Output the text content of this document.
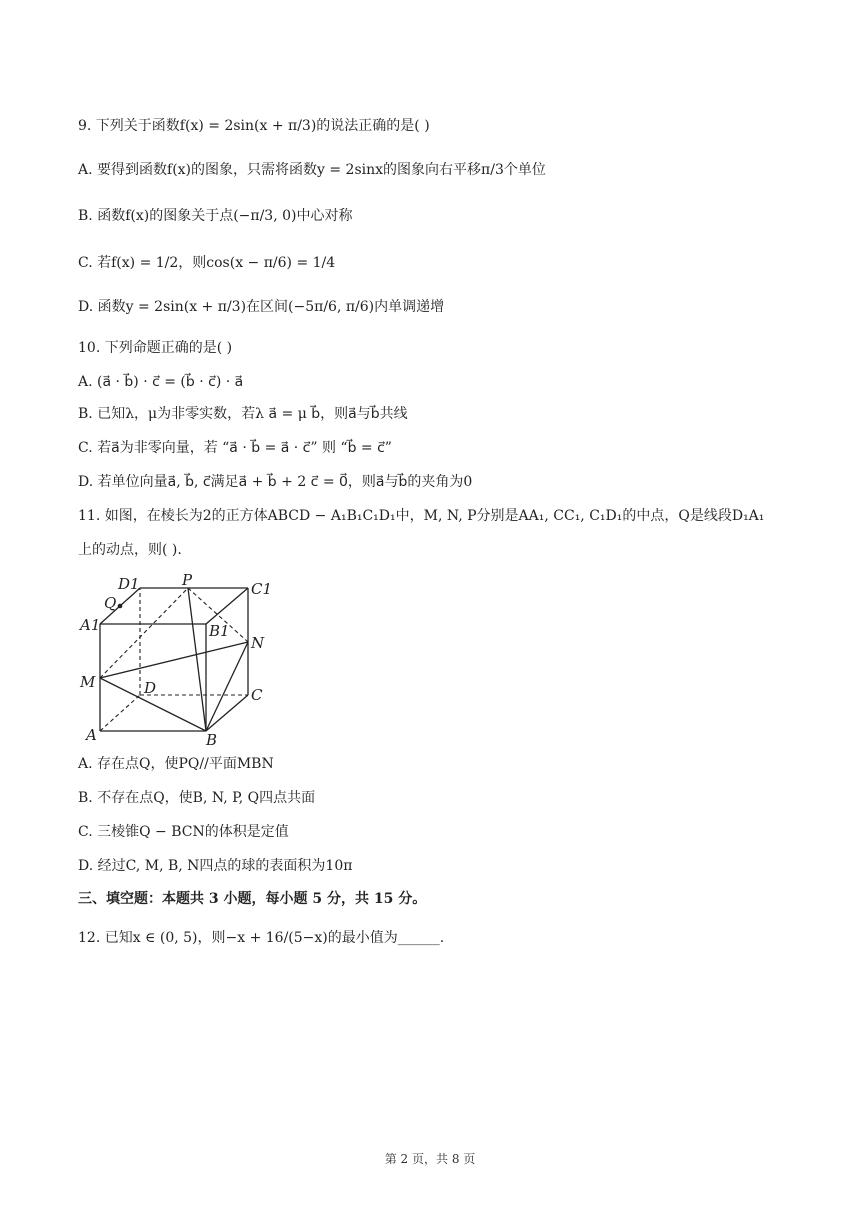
9. 下列关于函数f(x) = 2sin(x + π/3)的说法正确的是( )
A. 要得到函数f(x)的图象，只需将函数y = 2sinx的图象向右平移π/3个单位
B. 函数f(x)的图象关于点(−π/3, 0)中心对称
C. 若f(x) = 1/2，则cos(x − π/6) = 1/4
D. 函数y = 2sin(x + π/3)在区间(−5π/6, π/6)内单调递增
10. 下列命题正确的是( )
A. (a⃗ · b⃗) · c⃗ = (b⃗ · c⃗) · a⃗
B. 已知λ，μ为非零实数，若λ a⃗ = μ b⃗，则a⃗与b⃗共线
C. 若a⃗为非零向量，若 “a⃗ · b⃗ = a⃗ · c⃗” 则 “b⃗ = c⃗”
D. 若单位向量a⃗, b⃗, c⃗满足a⃗ + b⃗ + 2 c⃗ = 0⃗，则a⃗与b⃗的夹角为0
11. 如图，在棱长为2的正方体ABCD − A₁B₁C₁D₁中，M, N, P分别是AA₁, CC₁, C₁D₁的中点，Q是线段D₁A₁
上的动点，则( ).
D1	P	C1
Q
A1	B1
N
M	D	C
A	B
A. 存在点Q，使PQ//平面MBN
B. 不存在点Q，使B, N, P, Q四点共面
C. 三棱锥Q − BCN的体积是定值
D. 经过C, M, B, N四点的球的表面积为10π
三、填空题：本题共 3 小题，每小题 5 分，共 15 分。
12. 已知x ∈ (0, 5)，则−x + 16/(5−x)的最小值为______.
第 2 页，共 8 页
